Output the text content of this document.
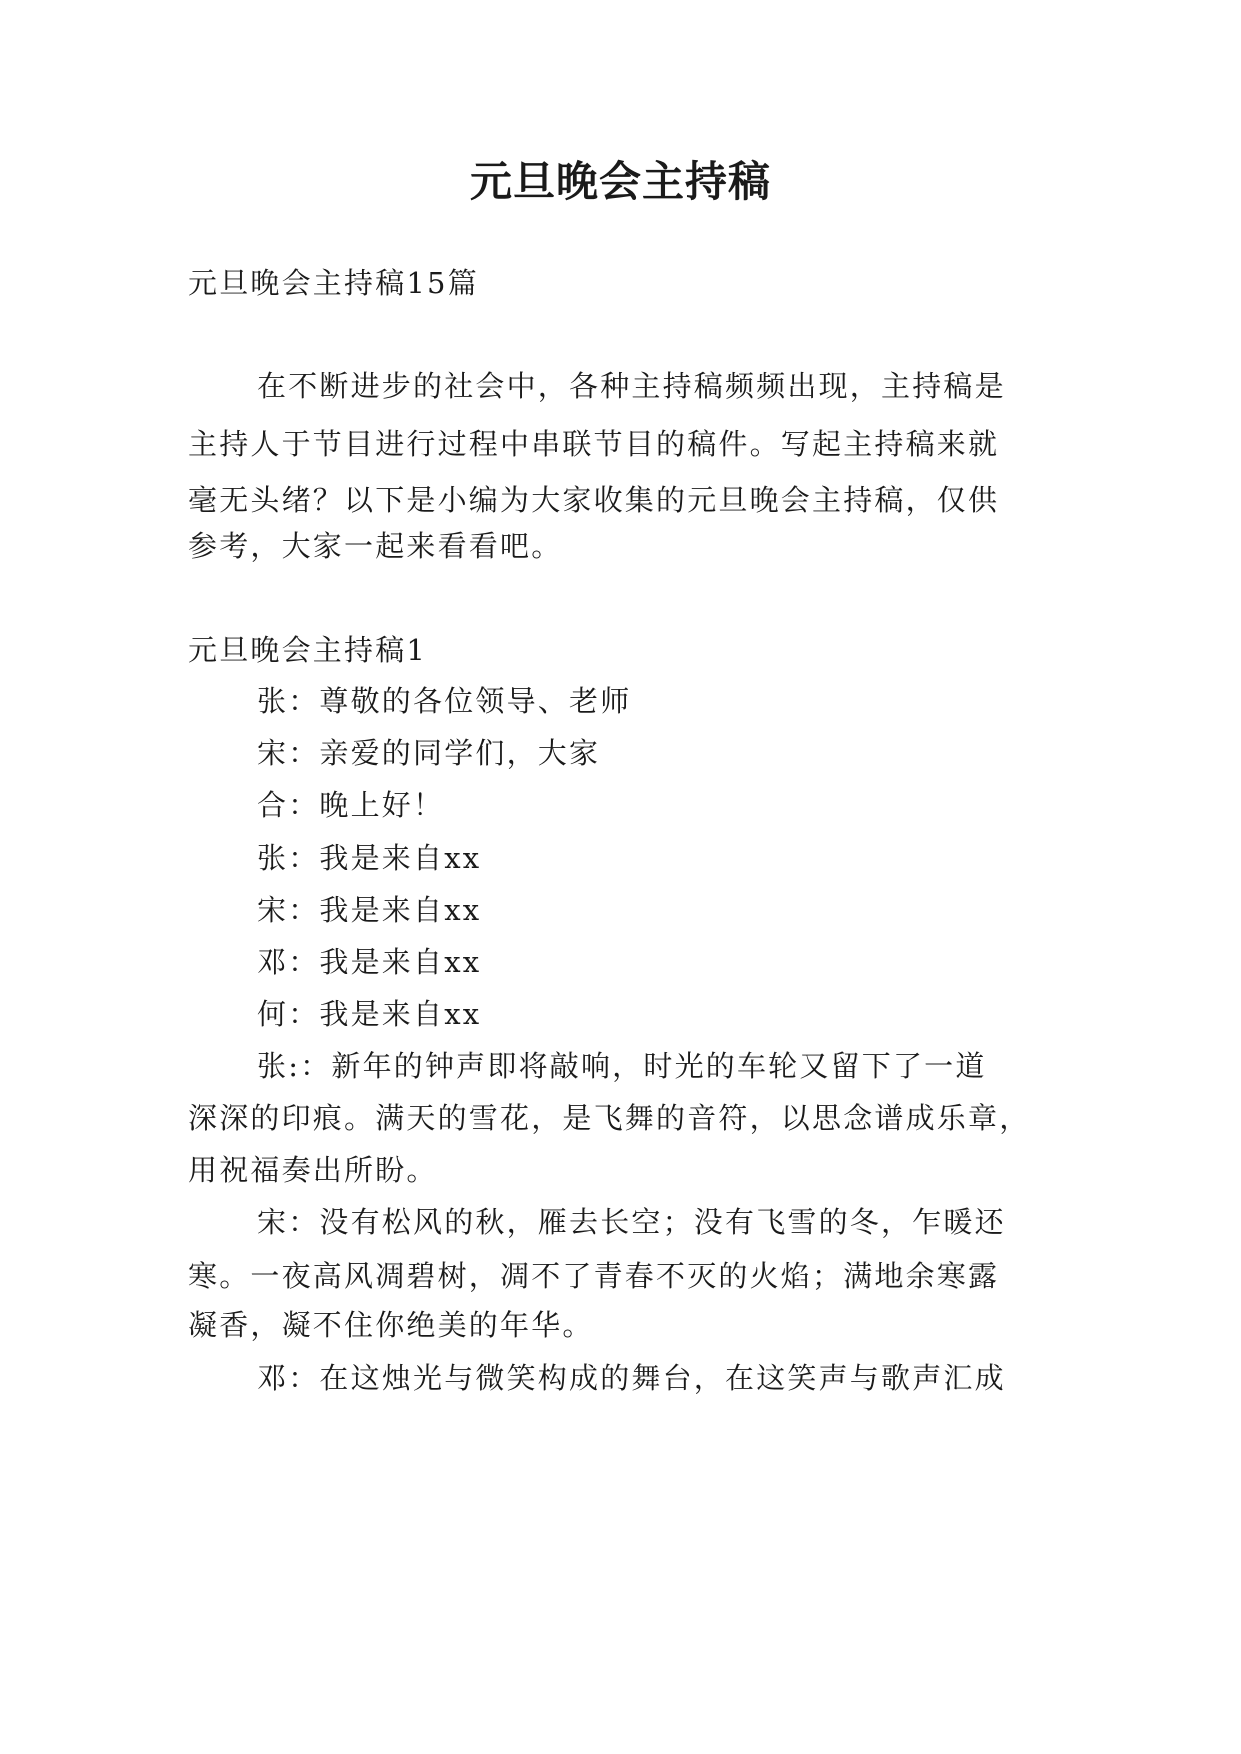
元旦晚会主持稿
元旦晚会主持稿15篇
在不断进步的社会中，各种主持稿频频出现，主持稿是
主持人于节目进行过程中串联节目的稿件。写起主持稿来就
毫无头绪？以下是小编为大家收集的元旦晚会主持稿，仅供
参考，大家一起来看看吧。
元旦晚会主持稿1
张：尊敬的各位领导、老师
宋：亲爱的同学们，大家
合：晚上好！
张：我是来自xx
宋：我是来自xx
邓：我是来自xx
何：我是来自xx
张:：新年的钟声即将敲响，时光的车轮又留下了一道
深深的印痕。满天的雪花，是飞舞的音符，以思念谱成乐章，
用祝福奏出所盼。
宋：没有松风的秋，雁去长空；没有飞雪的冬，乍暖还
寒。一夜高风凋碧树，凋不了青春不灭的火焰；满地余寒露
凝香，凝不住你绝美的年华。
邓：在这烛光与微笑构成的舞台，在这笑声与歌声汇成
